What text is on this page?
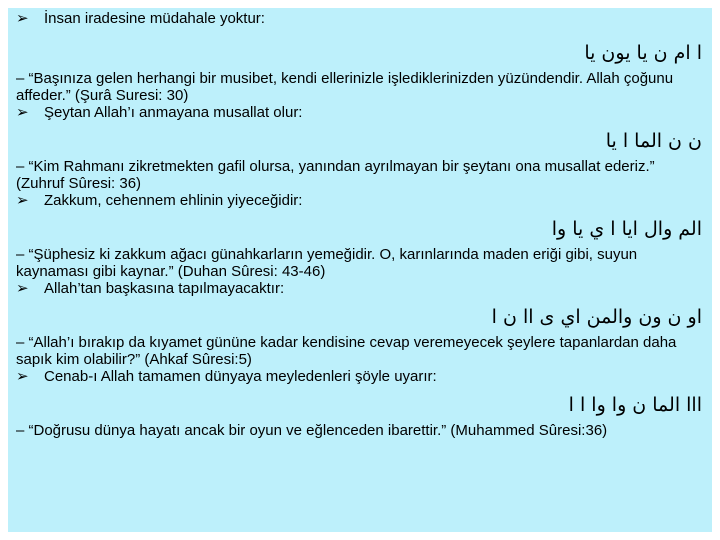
➢	İnsan iradesine müdahale yoktur:
ا ام ن يا يون يا
– “Başınıza gelen herhangi bir musibet, kendi ellerinizle işlediklerinizden yüzündendir. Allah çoğunu affeder.” (Şurâ Suresi: 30)
➢	Şeytan Allah’ı anmayana musallat olur:
ن ن الما ا يا
– “Kim Rahmanı zikretmekten gafil olursa, yanından ayrılmayan bir şeytanı ona musallat ederiz.” (Zuhruf Sûresi: 36)
➢	Zakkum, cehennem ehlinin yiyeceğidir:
الم وال ايا ا ي يا وا
– “Şüphesiz ki zakkum ağacı günahkarların yemeğidir. O, karınlarında maden eriği gibi, suyun kaynaması gibi kaynar.” (Duhan Sûresi: 43-46)
➢	Allah’tan başkasına tapılmayacaktır:
او ن ون والمن اي ى اا ن ا
– “Allah’ı bırakıp da kıyamet gününe kadar kendisine cevap veremeyecek şeylere tapanlardan daha sapık kim olabilir?” (Ahkaf Sûresi:5)
➢	Cenab-ı Allah tamamen dünyaya meyledenleri şöyle uyarır:
ااا الما ن وا وا ا ا
– “Doğrusu dünya hayatı ancak bir oyun ve eğlenceden ibarettir.” (Muhammed Sûresi:36)
